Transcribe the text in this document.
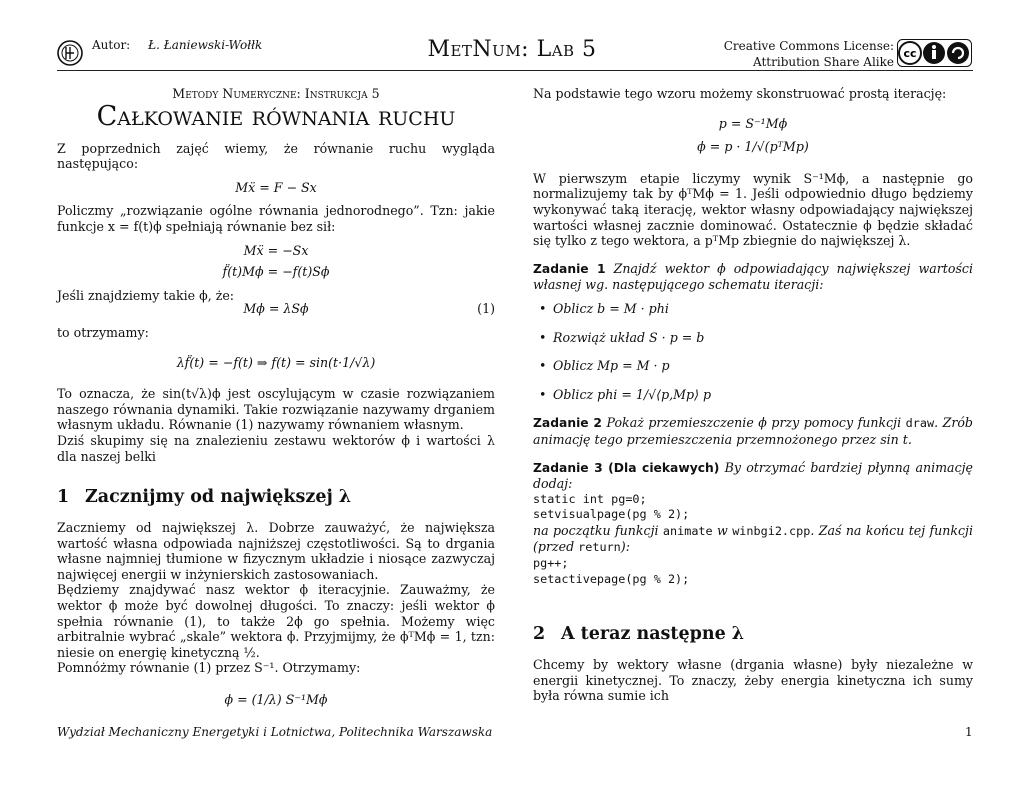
Autor: Ł. Łaniewski-Wołłk	MetNum: Lab 5	Creative Commons License:
Attribution Share Alike
cc
Metody Numeryczne: Instrukcja 5
Całkowanie równania ruchu

Z poprzednich zajęć wiemy, że równanie ruchu wygląda następująco:

Mẍ = F − Sx

Policzmy „rozwiązanie ogólne równania jednorodnego”. Tzn: jakie funkcje x = f(t)ϕ spełniają równanie bez sił:

Mẍ = −Sx
f̈(t)Mϕ = −f(t)Sϕ

Jeśli znajdziemy takie ϕ, że:

Mϕ = λSϕ	(1)

to otrzymamy:

λf̈(t) = −f(t) ⇒ f(t) = sin(t·1/√λ)

To oznacza, że sin(t√λ)ϕ jest oscylującym w czasie rozwiązaniem naszego równania dynamiki. Takie rozwiązanie nazywamy drganiem własnym układu. Równanie (1) nazywamy równaniem własnym.

Dziś skupimy się na znalezieniu zestawu wektorów ϕ i wartości λ dla naszej belki

1 Zacznijmy od największej λ

Zaczniemy od największej λ. Dobrze zauważyć, że największa wartość własna odpowiada najniższej częstotliwości. Są to drgania własne najmniej tłumione w fizycznym układzie i niosące zazwyczaj najwięcej energii w inżynierskich zastosowaniach.

Będziemy znajdywać nasz wektor ϕ iteracyjnie. Zauważmy, że wektor ϕ może być dowolnej długości. To znaczy: jeśli wektor ϕ spełnia równanie (1), to także 2ϕ go spełnia. Możemy więc arbitralnie wybrać „skale” wektora ϕ. Przyjmijmy, że ϕᵀMϕ = 1, tzn: niesie on energię kinetyczną ½.

Pomnóżmy równanie (1) przez S⁻¹. Otrzymamy:

ϕ = (1/λ) S⁻¹Mϕ

Na podstawie tego wzoru możemy skonstruować prostą iterację:

p = S⁻¹Mϕ
ϕ = p · 1/√(pᵀMp)

W pierwszym etapie liczymy wynik S⁻¹Mϕ, a następnie go normalizujemy tak by ϕᵀMϕ = 1. Jeśli odpowiednio długo będziemy wykonywać taką iterację, wektor własny odpowiadający największej wartości własnej zacznie dominować. Ostatecznie ϕ będzie składać się tylko z tego wektora, a pᵀMp zbiegnie do największej λ.

Zadanie 1 Znajdź wektor ϕ odpowiadający największej wartości własnej wg. następującego schematu iteracji:

• Oblicz b = M · phi
• Rozwiąż układ S · p = b
• Oblicz Mp = M · p
• Oblicz phi = 1/√⟨p,Mp⟩ p

Zadanie 2 Pokaż przemieszczenie ϕ przy pomocy funkcji draw. Zrób animację tego przemieszczenia przemnożonego przez sin t.

Zadanie 3 (Dla ciekawych) By otrzymać bardziej płynną animację dodaj:

static int pg=0;
setvisualpage(pg % 2);

na początku funkcji animate w winbgi2.cpp. Zaś na końcu tej funkcji (przed return):

pg++;
setactivepage(pg % 2);
2 A teraz następne λ

Chcemy by wektory własne (drgania własne) były niezależne w energii kinetycznej. To znaczy, żeby energia kinetyczna ich sumy była równa sumie ich

Wydział Mechaniczny Energetyki i Lotnictwa, Politechnika Warszawska	1
